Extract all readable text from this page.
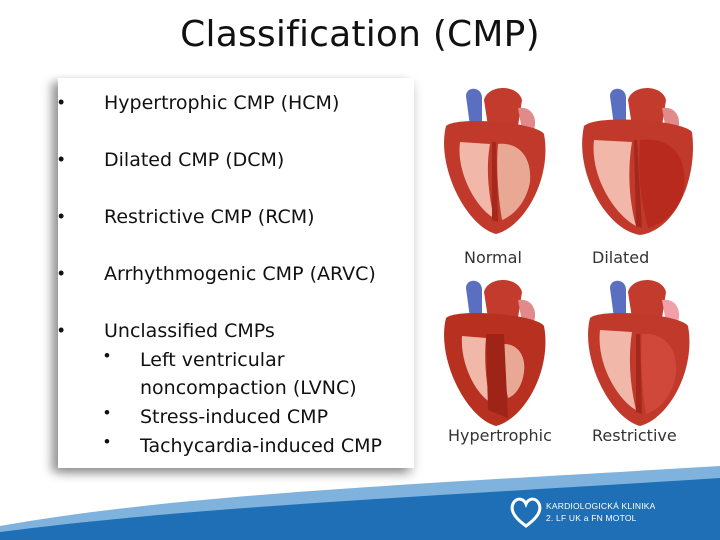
Classification (CMP)
• Hypertrophic CMP (HCM)
• Dilated CMP (DCM)
• Restrictive CMP (RCM)
• Arrhythmogenic CMP (ARVC)
• Unclassified CMPs
• Left ventricular noncompaction (LVNC)
• Stress-induced CMP
• Tachycardia-induced CMP
Normal	Dilated
Hypertrophic	Restrictive
KARDIOLOGICKÁ KLINIKA
2. LF UK a FN MOTOL
